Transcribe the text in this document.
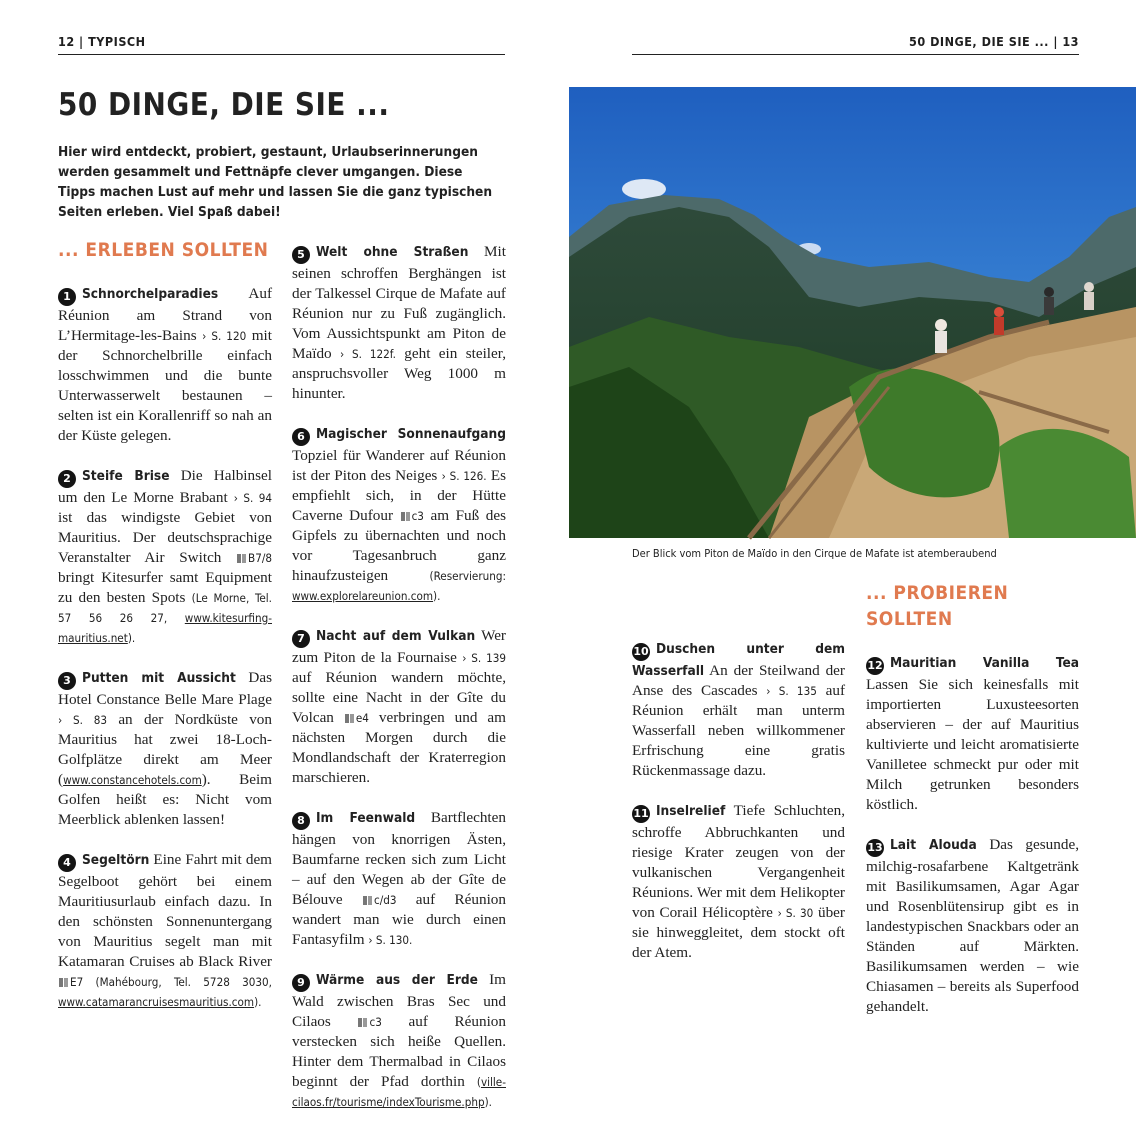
12 | TYPISCH	50 DINGE, DIE SIE ... | 13
50 DINGE, DIE SIE ...

Hier wird entdeckt, probiert, gestaunt, Urlaubserinnerungen werden gesammelt und Fettnäpfe clever umgangen. Diese Tipps machen Lust auf mehr und lassen Sie die ganz typischen Seiten erleben. Viel Spaß dabei!

... ERLEBEN SOLLTEN

1 Schnorchelparadies Auf Réunion am Strand von L’Hermitage-les-Bains › S. 120 mit der Schnorchelbrille einfach losschwimmen und die bunte Unterwasserwelt bestaunen – selten ist ein Korallenriff so nah an der Küste gelegen.

2 Steife Brise Die Halbinsel um den Le Morne Brabant › S. 94 ist das windigste Gebiet von Mauritius. Der deutschsprachige Veranstalter Air Switch
B7/8 bringt Kitesurfer samt Equipment zu den besten Spots (Le Morne, Tel. 57 56 26 27, www.kitesurfing-mauritius.net).

3 Putten mit Aussicht Das Hotel Constance Belle Mare Plage › S. 83 an der Nordküste von Mauritius hat zwei 18-Loch-Golfplätze direkt am Meer (www.constancehotels.com). Beim Golfen heißt es: Nicht vom Meerblick ablenken lassen!

4 Segeltörn Eine Fahrt mit dem Segelboot gehört bei einem Mauritiusurlaub einfach dazu. In den schönsten Sonnenuntergang von Mauritius segelt man mit Katamaran Cruises ab Black River
E7 (Mahébourg, Tel. 5728 3030, www.catamarancruisesmauritius.com).

5 Welt ohne Straßen Mit seinen schroffen Berghängen ist der Talkessel Cirque de Mafate auf Réunion nur zu Fuß zugänglich. Vom Aussichtspunkt am Piton de Maïdo › S. 122f. geht ein steiler, anspruchsvoller Weg 1000 m hinunter.

6 Magischer Sonnenaufgang Topziel für Wanderer auf Réunion ist der Piton des Neiges › S. 126. Es empfiehlt sich, in der Hütte Caverne Dufour
c3 am Fuß des Gipfels zu übernachten und noch vor Tagesanbruch ganz hinaufzusteigen (Reservierung: www.explorelareunion.com).

7 Nacht auf dem Vulkan Wer zum Piton de la Fournaise › S. 139 auf Réunion wandern möchte, sollte eine Nacht in der Gîte du Volcan
e4 verbringen und am nächsten Morgen durch die Mondlandschaft der Kraterregion marschieren.

8 Im Feenwald Bartflechten hängen von knorrigen Ästen, Baumfarne recken sich zum Licht – auf den Wegen ab der Gîte de Bélouve
c/d3 auf Réunion wandert man wie durch einen Fantasyfilm › S. 130.

9 Wärme aus der Erde Im Wald zwischen Bras Sec und Cilaos
c3 auf Réunion verstecken sich heiße Quellen. Hinter dem Thermalbad in Cilaos beginnt der Pfad dorthin (ville-cilaos.fr/tourisme/indexTourisme.php).

Der Blick vom Piton de Maïdo in den Cirque de Mafate ist atemberaubend

10 Duschen unter dem Wasserfall An der Steilwand der Anse des Cascades › S. 135 auf Réunion erhält man unterm Wasserfall neben willkommener Erfrischung eine gratis Rückenmassage dazu.

11 Inselrelief Tiefe Schluchten, schroffe Abbruchkanten und riesige Krater zeugen von der vulkanischen Vergangenheit Réunions. Wer mit dem Helikopter von Corail Hélicoptère › S. 30 über sie hinweggleitet, dem stockt oft der Atem.

... PROBIEREN SOLLTEN

12 Mauritian Vanilla Tea Lassen Sie sich keinesfalls mit importierten Luxusteesorten abservieren – der auf Mauritius kultivierte und leicht aromatisierte Vanilletee schmeckt pur oder mit Milch getrunken besonders köstlich.

13 Lait Alouda Das gesunde, milchig-rosafarbene Kaltgetränk mit Basilikumsamen, Agar Agar und Rosenblütensirup gibt es in landestypischen Snackbars oder an Ständen auf Märkten. Basilikumsamen werden – wie Chiasamen – bereits als Superfood gehandelt.
